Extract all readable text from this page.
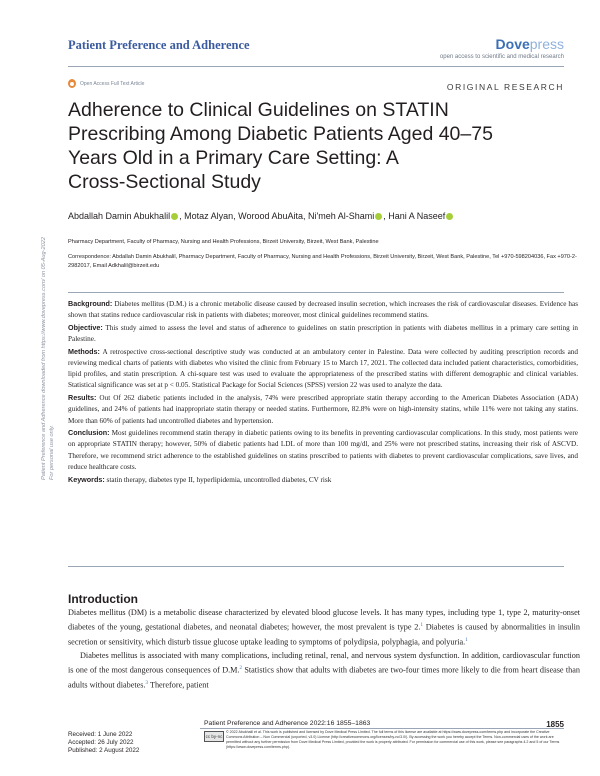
Patient Preference and Adherence	Dovepress
open access to scientific and medical research
Open Access Full Text Article	ORIGINAL RESEARCH
Adherence to Clinical Guidelines on STATIN
Prescribing Among Diabetic Patients Aged 40–75
Years Old in a Primary Care Setting: A
Cross-Sectional Study
Abdallah Damin Abukhalil , Motaz Alyan, Worood AbuAita, Ni'meh Al-Shami , Hani A Naseef
Pharmacy Department, Faculty of Pharmacy, Nursing and Health Professions, Birzeit University, Birzeit, West Bank, Palestine
Correspondence: Abdallah Damin Abukhalil, Pharmacy Department, Faculty of Pharmacy, Nursing and Health Professions, Birzeit University, Birzeit, West Bank, Palestine, Tel +970-598204036, Fax +970-2-2982017, Email Adkhalil@birzeit.edu

Background: Diabetes mellitus (D.M.) is a chronic metabolic disease caused by decreased insulin secretion, which increases the risk of cardiovascular diseases. Evidence has shown that statins reduce cardiovascular risk in patients with diabetes; moreover, most clinical guidelines recommend statins.

Objective: This study aimed to assess the level and status of adherence to guidelines on statin prescription in patients with diabetes mellitus in a primary care setting in Palestine.

Methods: A retrospective cross-sectional descriptive study was conducted at an ambulatory center in Palestine. Data were collected by auditing prescription records and reviewing medical charts of patients with diabetes who visited the clinic from February 15 to March 17, 2021. The collected data included patient characteristics, comorbidities, lipid profiles, and statin prescription. A chi-square test was used to evaluate the appropriateness of the prescribed statins with different demographic and clinical variables. Statistical significance was set at p < 0.05. Statistical Package for Social Sciences (SPSS) version 22 was used to analyze the data.

Results: Out Of 262 diabetic patients included in the analysis, 74% were prescribed appropriate statin therapy according to the American Diabetes Association (ADA) guidelines, and 24% of patients had inappropriate statin therapy or needed statins. Furthermore, 82.8% were on high-intensity statins, while 11% were not taking any statins. More than 60% of patients had uncontrolled diabetes and hypertension.

Conclusion: Most guidelines recommend statin therapy in diabetic patients owing to its benefits in preventing cardiovascular complications. In this study, most patients were on appropriate STATIN therapy; however, 50% of diabetic patients had LDL of more than 100 mg/dl, and 25% were not prescribed statins, increasing their risk of ASCVD. Therefore, we recommend strict adherence to the established guidelines on statins prescribed to patients with diabetes to prevent cardiovascular complications, save lives, and reduce healthcare costs.

Keywords: statin therapy, diabetes type II, hyperlipidemia, uncontrolled diabetes, CV risk

Introduction

Diabetes mellitus (DM) is a metabolic disease characterized by elevated blood glucose levels. It has many types, including type 1, type 2, maturity-onset diabetes of the young, gestational diabetes, and neonatal diabetes; however, the most prevalent is type 2.$^1$ Diabetes is caused by abnormalities in insulin secretion or sensitivity, which disturb tissue glucose uptake leading to symptoms of polydipsia, polyphagia, and polyuria.$^1$

Diabetes mellitus is associated with many complications, including retinal, renal, and nervous system dysfunction. In addition, cardiovascular function is one of the most dangerous consequences of D.M.$^2$ Statistics show that adults with diabetes are two-four times more likely to die from heart disease than adults without diabetes.$^3$ Therefore, patient

Patient Preference and Adherence downloaded from https://www.dovepress.com/ on 05-Aug-2022 For personal use only.
Received: 1 June 2022
Accepted: 26 July 2022
Published: 2 August 2022
Patient Preference and Adherence 2022:16 1855–1863	1855
cc by-nc
© 2022 Abukhalil et al. This work is published and licensed by Dove Medical Press Limited. The full terms of this license are available at https://www.dovepress.com/terms.php and incorporate the Creative Commons Attribution – Non Commercial (unported, v3.0) License (http://creativecommons.org/licenses/by-nc/3.0/). By accessing the work you hereby accept the Terms. Non-commercial uses of the work are permitted without any further permission from Dove Medical Press Limited, provided the work is properly attributed. For permission for commercial use of this work, please see paragraphs 4.2 and 5 of our Terms (https://www.dovepress.com/terms.php).
